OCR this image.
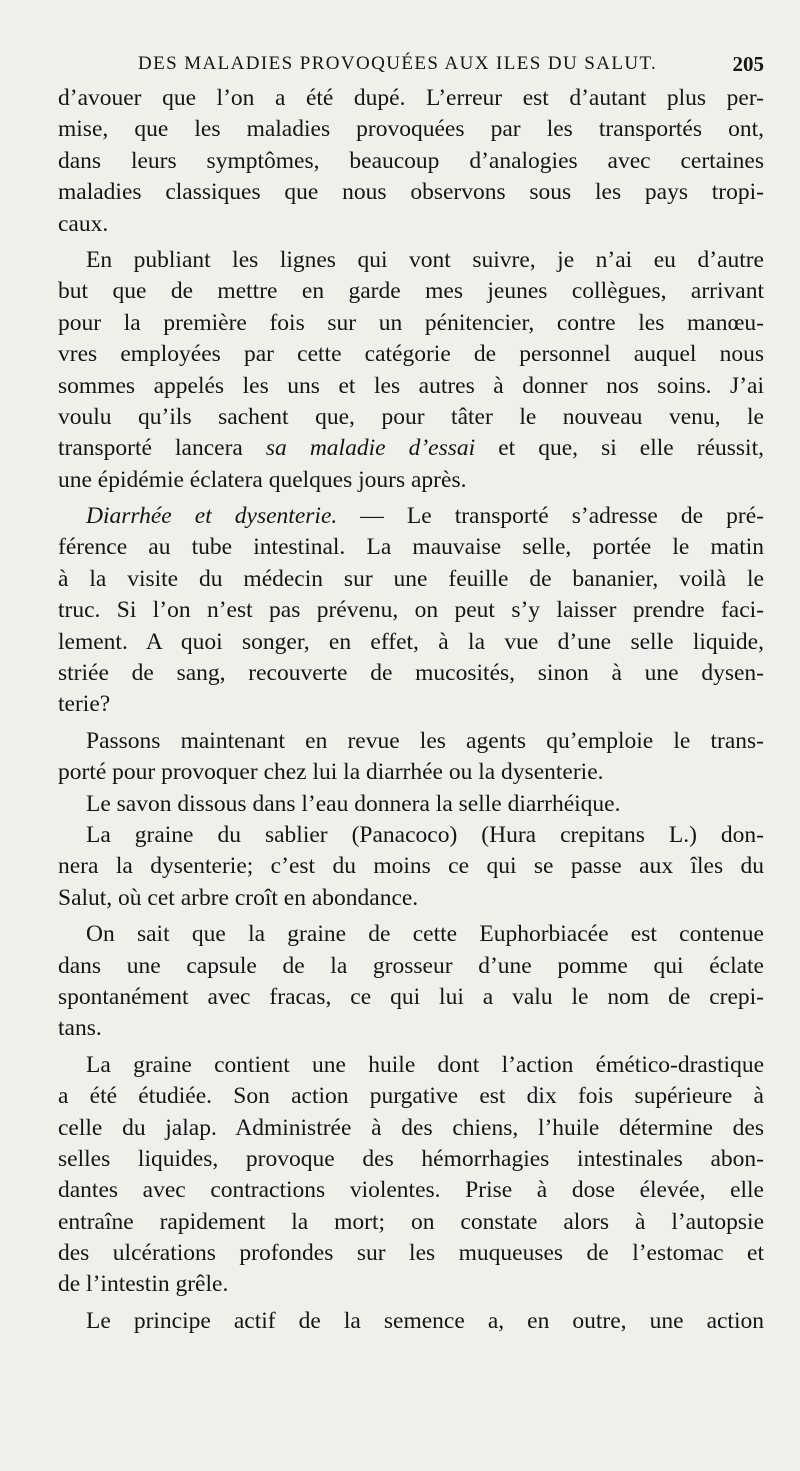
DES MALADIES PROVOQUÉES AUX ILES DU SALUT.	205
d’avouer que l’on a été dupé. L’erreur est d’autant plus per-
mise, que les maladies provoquées par les transportés ont,
dans leurs symptômes, beaucoup d’analogies avec certaines
maladies classiques que nous observons sous les pays tropi-
caux.
En publiant les lignes qui vont suivre, je n’ai eu d’autre
but que de mettre en garde mes jeunes collègues, arrivant
pour la première fois sur un pénitencier, contre les manœu-
vres employées par cette catégorie de personnel auquel nous
sommes appelés les uns et les autres à donner nos soins. J’ai
voulu qu’ils sachent que, pour tâter le nouveau venu, le
transporté lancera sa maladie d’essai et que, si elle réussit,
une épidémie éclatera quelques jours après.
Diarrhée et dysenterie. — Le transporté s’adresse de pré-
férence au tube intestinal. La mauvaise selle, portée le matin
à la visite du médecin sur une feuille de bananier, voilà le
truc. Si l’on n’est pas prévenu, on peut s’y laisser prendre faci-
lement. A quoi songer, en effet, à la vue d’une selle liquide,
striée de sang, recouverte de mucosités, sinon à une dysen-
terie?
Passons maintenant en revue les agents qu’emploie le trans-
porté pour provoquer chez lui la diarrhée ou la dysenterie.
Le savon dissous dans l’eau donnera la selle diarrhéique.
La graine du sablier (Panacoco) (Hura crepitans L.) don-
nera la dysenterie; c’est du moins ce qui se passe aux îles du
Salut, où cet arbre croît en abondance.
On sait que la graine de cette Euphorbiacée est contenue
dans une capsule de la grosseur d’une pomme qui éclate
spontanément avec fracas, ce qui lui a valu le nom de crepi-
tans.
La graine contient une huile dont l’action émético-drastique
a été étudiée. Son action purgative est dix fois supérieure à
celle du jalap. Administrée à des chiens, l’huile détermine des
selles liquides, provoque des hémorrhagies intestinales abon-
dantes avec contractions violentes. Prise à dose élevée, elle
entraîne rapidement la mort; on constate alors à l’autopsie
des ulcérations profondes sur les muqueuses de l’estomac et
de l’intestin grêle.
Le principe actif de la semence a, en outre, une action
